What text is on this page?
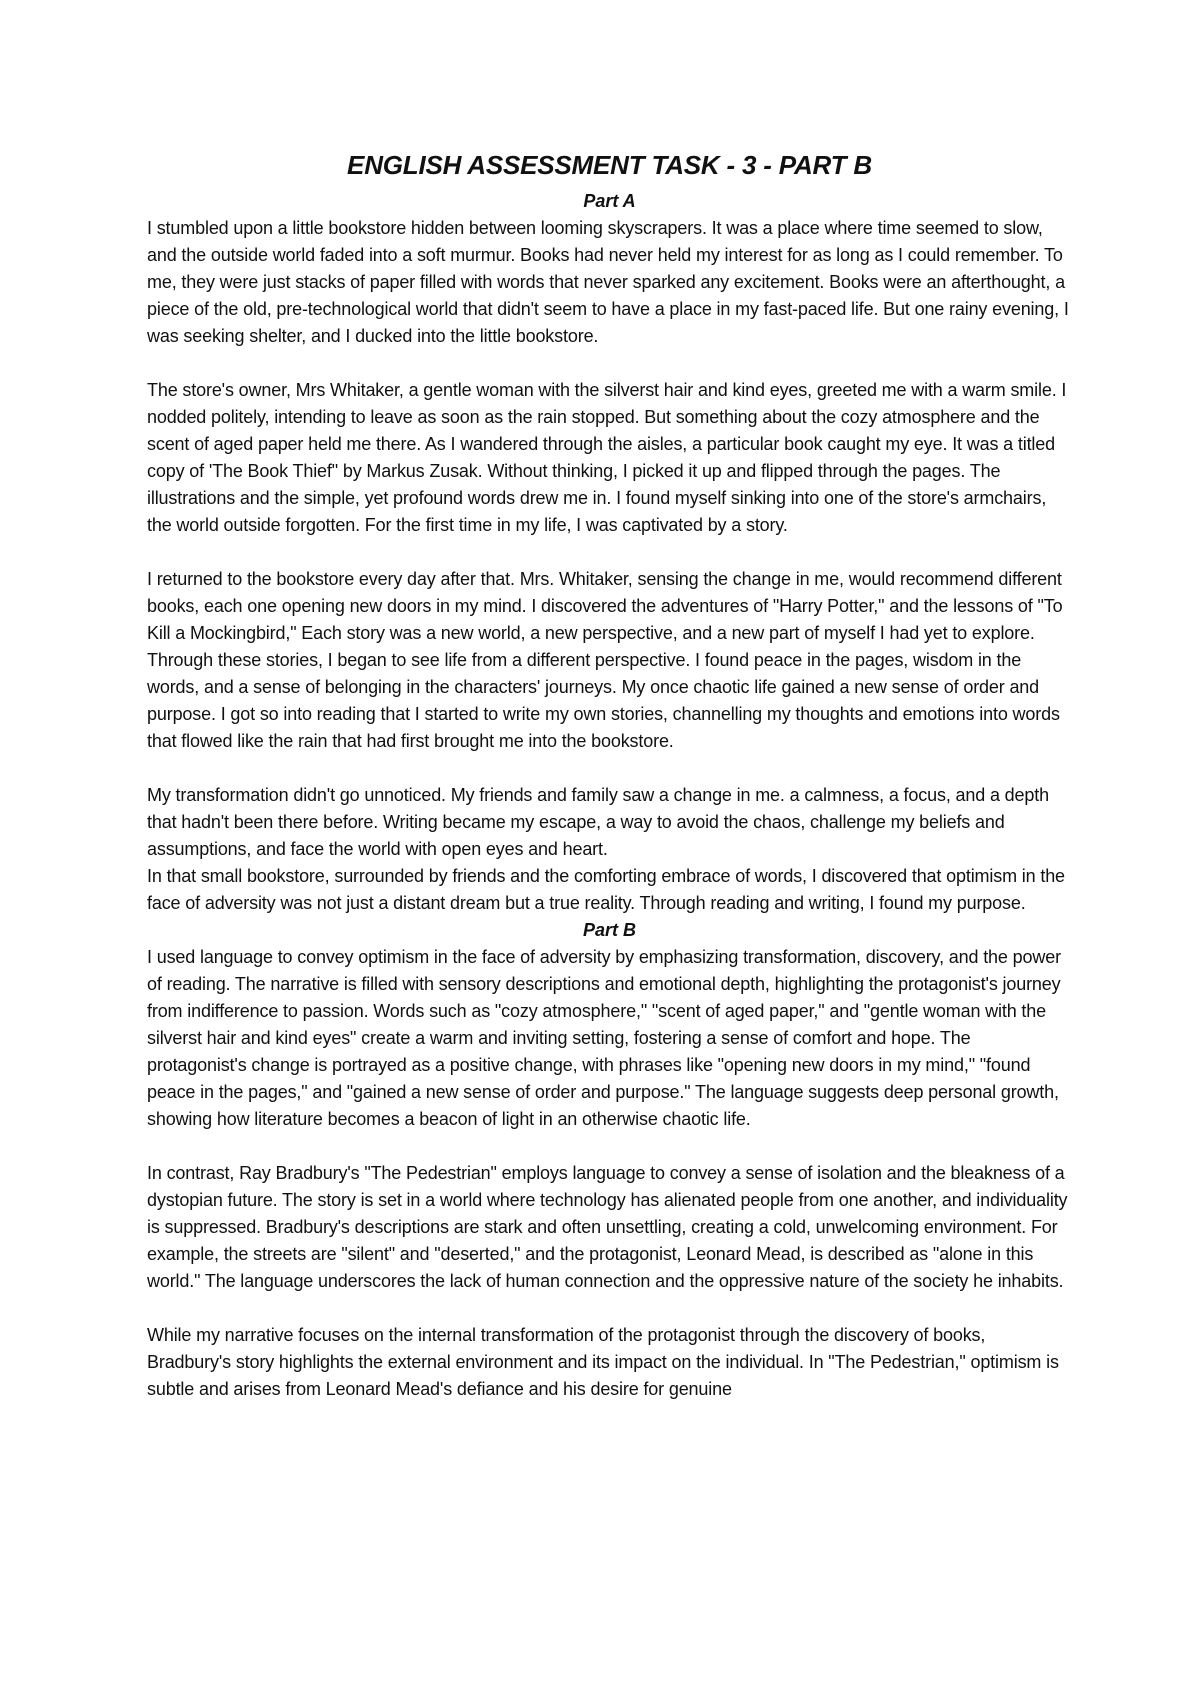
ENGLISH ASSESSMENT TASK - 3 - PART B
Part A

I stumbled upon a little bookstore hidden between looming skyscrapers. It was a place where time seemed to slow, and the outside world faded into a soft murmur. Books had never held my interest for as long as I could remember. To me, they were just stacks of paper filled with words that never sparked any excitement. Books were an afterthought, a piece of the old, pre-technological world that didn't seem to have a place in my fast-paced life. But one rainy evening, I was seeking shelter, and I ducked into the little bookstore.

The store's owner, Mrs Whitaker, a gentle woman with the silverst hair and kind eyes, greeted me with a warm smile. I nodded politely, intending to leave as soon as the rain stopped. But something about the cozy atmosphere and the scent of aged paper held me there. As I wandered through the aisles, a particular book caught my eye. It was a titled copy of 'The Book Thief" by Markus Zusak. Without thinking, I picked it up and flipped through the pages. The illustrations and the simple, yet profound words drew me in. I found myself sinking into one of the store's armchairs, the world outside forgotten. For the first time in my life, I was captivated by a story.

I returned to the bookstore every day after that. Mrs. Whitaker, sensing the change in me, would recommend different books, each one opening new doors in my mind. I discovered the adventures of "Harry Potter," and the lessons of "To Kill a Mockingbird," Each story was a new world, a new perspective, and a new part of myself I had yet to explore. Through these stories, I began to see life from a different perspective. I found peace in the pages, wisdom in the words, and a sense of belonging in the characters' journeys. My once chaotic life gained a new sense of order and purpose. I got so into reading that I started to write my own stories, channelling my thoughts and emotions into words that flowed like the rain that had first brought me into the bookstore.

My transformation didn't go unnoticed. My friends and family saw a change in me. a calmness, a focus, and a depth that hadn't been there before. Writing became my escape, a way to avoid the chaos, challenge my beliefs and assumptions, and face the world with open eyes and heart.

In that small bookstore, surrounded by friends and the comforting embrace of words, I discovered that optimism in the face of adversity was not just a distant dream but a true reality. Through reading and writing, I found my purpose.

Part B

I used language to convey optimism in the face of adversity by emphasizing transformation, discovery, and the power of reading. The narrative is filled with sensory descriptions and emotional depth, highlighting the protagonist's journey from indifference to passion. Words such as "cozy atmosphere," "scent of aged paper," and "gentle woman with the silverst hair and kind eyes" create a warm and inviting setting, fostering a sense of comfort and hope. The protagonist's change is portrayed as a positive change, with phrases like "opening new doors in my mind," "found peace in the pages," and "gained a new sense of order and purpose." The language suggests deep personal growth, showing how literature becomes a beacon of light in an otherwise chaotic life.

In contrast, Ray Bradbury's "The Pedestrian" employs language to convey a sense of isolation and the bleakness of a dystopian future. The story is set in a world where technology has alienated people from one another, and individuality is suppressed. Bradbury's descriptions are stark and often unsettling, creating a cold, unwelcoming environment. For example, the streets are "silent" and "deserted," and the protagonist, Leonard Mead, is described as "alone in this world." The language underscores the lack of human connection and the oppressive nature of the society he inhabits.

While my narrative focuses on the internal transformation of the protagonist through the discovery of books, Bradbury's story highlights the external environment and its impact on the individual. In "The Pedestrian," optimism is subtle and arises from Leonard Mead's defiance and his desire for genuine
